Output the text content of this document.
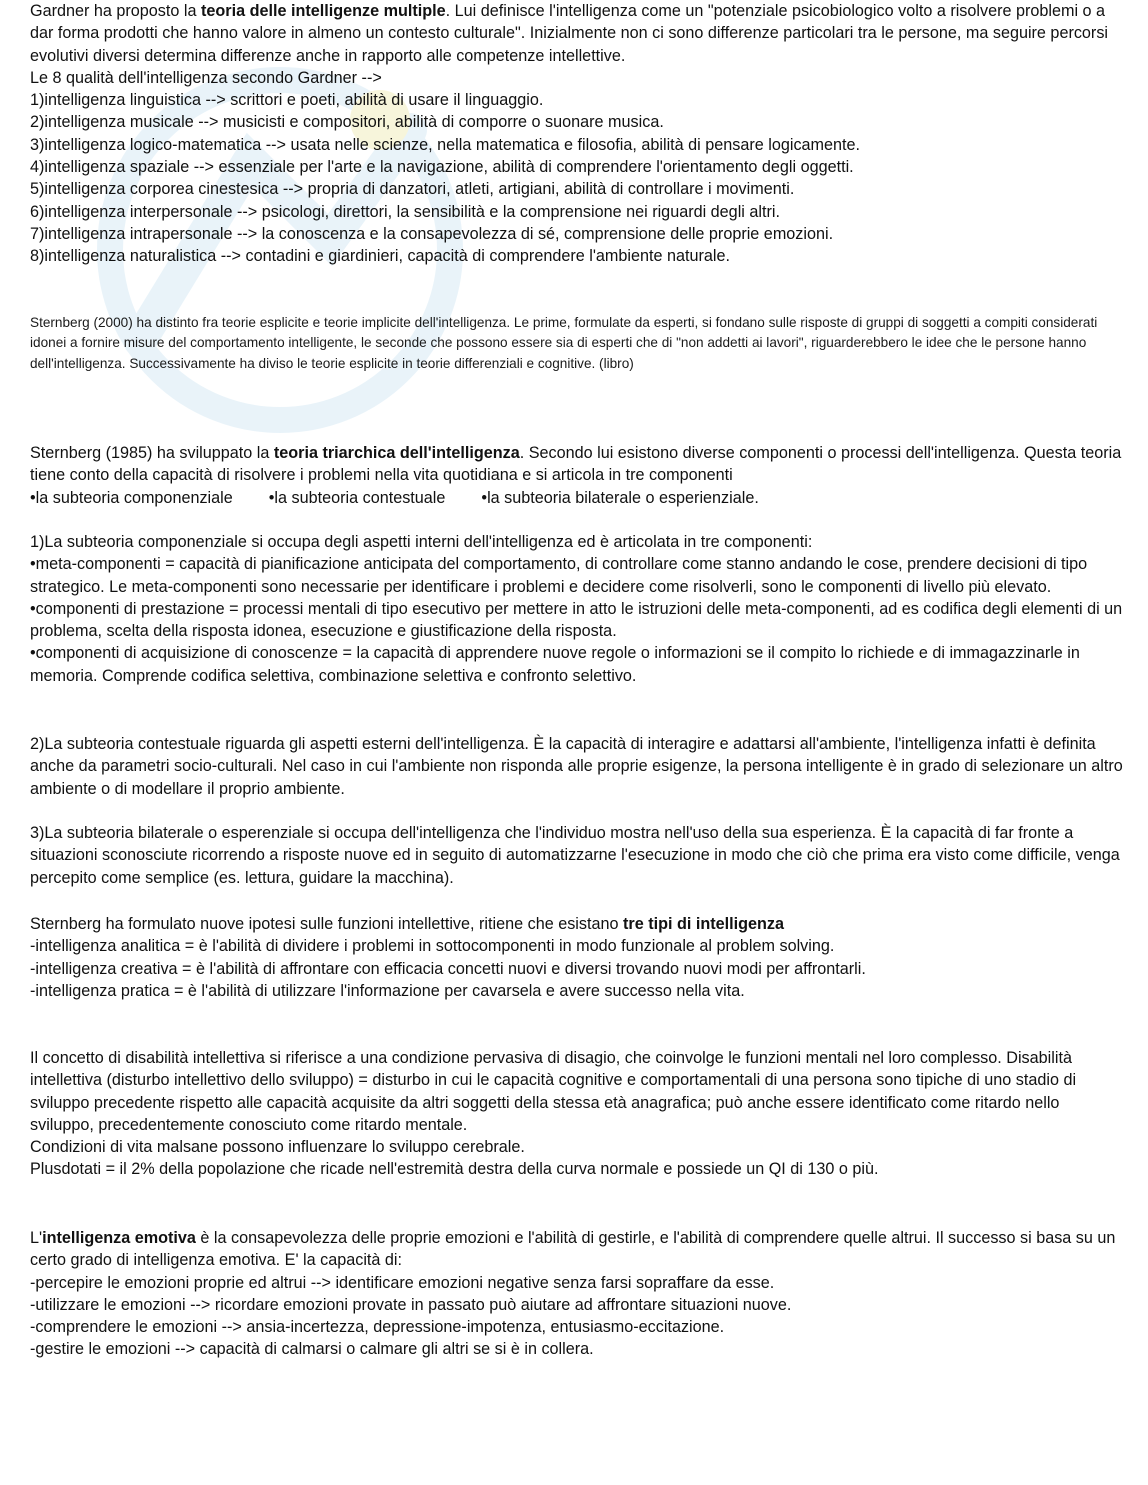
Gardner ha proposto la teoria delle intelligenze multiple. Lui definisce l'intelligenza come un "potenziale psicobiologico volto a risolvere problemi o a dar forma prodotti che hanno valore in almeno un contesto culturale". Inizialmente non ci sono differenze particolari tra le persone, ma seguire percorsi evolutivi diversi determina differenze anche in rapporto alle competenze intellettive.
Le 8 qualità dell'intelligenza secondo Gardner -->
1)intelligenza linguistica --> scrittori e poeti, abilità di usare il linguaggio.
2)intelligenza musicale --> musicisti e compositori, abilità di comporre o suonare musica.
3)intelligenza logico-matematica --> usata nelle scienze, nella matematica e filosofia, abilità di pensare logicamente.
4)intelligenza spaziale --> essenziale per l'arte e la navigazione, abilità di comprendere l'orientamento degli oggetti.
5)intelligenza corporea cinestesica --> propria di danzatori, atleti, artigiani, abilità di controllare i movimenti.
6)intelligenza interpersonale --> psicologi, direttori, la sensibilità e la comprensione nei riguardi degli altri.
7)intelligenza intrapersonale --> la conoscenza e la consapevolezza di sé, comprensione delle proprie emozioni.
8)intelligenza naturalistica --> contadini e giardinieri, capacità di comprendere l'ambiente naturale.
Sternberg (2000) ha distinto fra teorie esplicite e teorie implicite dell'intelligenza. Le prime, formulate da esperti, si fondano sulle risposte di gruppi di soggetti a compiti considerati idonei a fornire misure del comportamento intelligente, le seconde che possono essere sia di esperti che di "non addetti ai lavori", riguarderebbero le idee che le persone hanno dell'intelligenza. Successivamente ha diviso le teorie esplicite in teorie differenziali e cognitive. (libro)
Sternberg (1985) ha sviluppato la teoria triarchica dell'intelligenza. Secondo lui esistono diverse componenti o processi dell'intelligenza. Questa teoria tiene conto della capacità di risolvere i problemi nella vita quotidiana e si articola in tre componenti
•la subteoria componenziale •la subteoria contestuale •la subteoria bilaterale o esperienziale.
1)La subteoria componenziale si occupa degli aspetti interni dell'intelligenza ed è articolata in tre componenti:
•meta-componenti = capacità di pianificazione anticipata del comportamento, di controllare come stanno andando le cose, prendere decisioni di tipo strategico. Le meta-componenti sono necessarie per identificare i problemi e decidere come risolverli, sono le componenti di livello più elevato.
•componenti di prestazione = processi mentali di tipo esecutivo per mettere in atto le istruzioni delle meta-componenti, ad es codifica degli elementi di un problema, scelta della risposta idonea, esecuzione e giustificazione della risposta.
•componenti di acquisizione di conoscenze = la capacità di apprendere nuove regole o informazioni se il compito lo richiede e di immagazzinarle in memoria. Comprende codifica selettiva, combinazione selettiva e confronto selettivo.
2)La subteoria contestuale riguarda gli aspetti esterni dell'intelligenza. È la capacità di interagire e adattarsi all'ambiente, l'intelligenza infatti è definita anche da parametri socio-culturali. Nel caso in cui l'ambiente non risponda alle proprie esigenze, la persona intelligente è in grado di selezionare un altro ambiente o di modellare il proprio ambiente.
3)La subteoria bilaterale o esperenziale si occupa dell'intelligenza che l'individuo mostra nell'uso della sua esperienza. È la capacità di far fronte a situazioni sconosciute ricorrendo a risposte nuove ed in seguito di automatizzarne l'esecuzione in modo che ciò che prima era visto come difficile, venga percepito come semplice (es. lettura, guidare la macchina).
Sternberg ha formulato nuove ipotesi sulle funzioni intellettive, ritiene che esistano tre tipi di intelligenza
-intelligenza analitica = è l'abilità di dividere i problemi in sottocomponenti in modo funzionale al problem solving.
-intelligenza creativa = è l'abilità di affrontare con efficacia concetti nuovi e diversi trovando nuovi modi per affrontarli.
-intelligenza pratica = è l'abilità di utilizzare l'informazione per cavarsela e avere successo nella vita.
Il concetto di disabilità intellettiva si riferisce a una condizione pervasiva di disagio, che coinvolge le funzioni mentali nel loro complesso. Disabilità intellettiva (disturbo intellettivo dello sviluppo) = disturbo in cui le capacità cognitive e comportamentali di una persona sono tipiche di uno stadio di sviluppo precedente rispetto alle capacità acquisite da altri soggetti della stessa età anagrafica; può anche essere identificato come ritardo nello sviluppo, precedentemente conosciuto come ritardo mentale.
Condizioni di vita malsane possono influenzare lo sviluppo cerebrale.
Plusdotati = il 2% della popolazione che ricade nell'estremità destra della curva normale e possiede un QI di 130 o più.
L'intelligenza emotiva è la consapevolezza delle proprie emozioni e l'abilità di gestirle, e l'abilità di comprendere quelle altrui. Il successo si basa su un certo grado di intelligenza emotiva. E' la capacità di:
-percepire le emozioni proprie ed altrui --> identificare emozioni negative senza farsi sopraffare da esse.
-utilizzare le emozioni --> ricordare emozioni provate in passato può aiutare ad affrontare situazioni nuove.
-comprendere le emozioni --> ansia-incertezza, depressione-impotenza, entusiasmo-eccitazione.
-gestire le emozioni --> capacità di calmarsi o calmare gli altri se si è in collera.
